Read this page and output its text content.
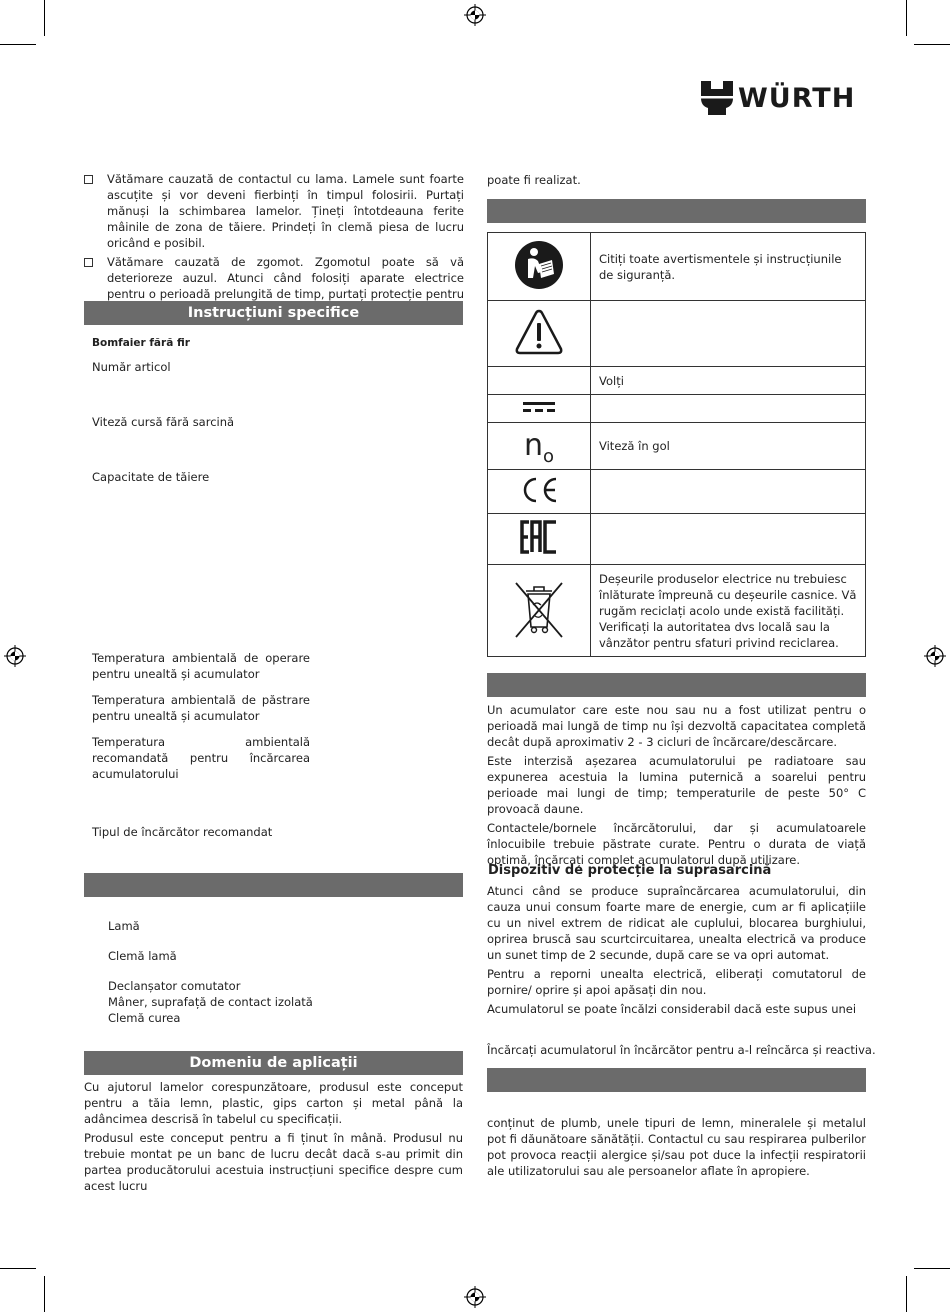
WÜRTH
Vătămare cauzată de contactul cu lama. Lamele sunt foarte ascuțite și vor deveni fierbinți în timpul folosirii. Purtați mănuși la schimbarea lamelor. Țineți întotdeauna ferite mâinile de zona de tăiere. Prindeți în clemă piesa de lucru oricând e posibil.
Vătămare cauzată de zgomot. Zgomotul poate să vă deterioreze auzul. Atunci când folosiți aparate electrice pentru o perioadă prelungită de timp, purtați protecție pentru
Instrucțiuni specifice
Bomfaier fără fir
Număr articol
Viteză cursă fără sarcină
Capacitate de tăiere
Temperatura ambientală de operare pentru unealtă și acumulator
Temperatura ambientală de păstrare pentru unealtă și acumulator
Temperatura ambientală recomandată pentru încărcarea acumulatorului
Tipul de încărcător recomandat
Lamă
Clemă lamă
Declanșator comutator
Mâner, suprafață de contact izolată
Clemă curea
Domeniu de aplicații

Cu ajutorul lamelor corespunzătoare, produsul este conceput pentru a tăia lemn, plastic, gips carton și metal până la adâncimea descrisă în tabelul cu specificații.

Produsul este conceput pentru a fi ținut în mână. Produsul nu trebuie montat pe un banc de lucru decât dacă s-au primit din partea producătorului acestuia instrucțiuni specifice despre cum acest lucru

poate fi realizat.
	Citiți toate avertismentele și instrucțiunile de siguranță.

	Volți

no	Viteză în gol

	Deșeurile produselor electrice nu trebuiesc înlăturate împreună cu deșeurile casnice. Vă rugăm reciclați acolo unde există facilități. Verificați la autoritatea dvs locală sau la vânzător pentru sfaturi privind reciclarea.

Un acumulator care este nou sau nu a fost utilizat pentru o perioadă mai lungă de timp nu își dezvoltă capacitatea completă decât după aproximativ 2 - 3 cicluri de încărcare/descărcare.

Este interzisă așezarea acumulatorului pe radiatoare sau expunerea acestuia la lumina puternică a soarelui pentru perioade mai lungi de timp; temperaturile de peste 50° C provoacă daune.

Contactele/bornele încărcătorului, dar și acumulatoarele înlocuibile trebuie păstrate curate. Pentru o durata de viață optimă, încărcați complet acumulatorul după utilizare.

Dispozitiv de protecție la suprasarcină

Atunci când se produce supraîncărcarea acumulatorului, din cauza unui consum foarte mare de energie, cum ar fi aplicațiile cu un nivel extrem de ridicat ale cuplului, blocarea burghiului, oprirea bruscă sau scurtcircuitarea, unealta electrică va produce un sunet timp de 2 secunde, după care se va opri automat.

Pentru a reporni unealta electrică, eliberați comutatorul de pornire/ oprire și apoi apăsați din nou.

Acumulatorul se poate încălzi considerabil dacă este supus unei

Încărcați acumulatorul în încărcător pentru a-l reîncărca și reactiva.
conținut de plumb, unele tipuri de lemn, mineralele și metalul pot fi dăunătoare sănătății. Contactul cu sau respirarea pulberilor pot provoca reacții alergice și/sau pot duce la infecții respiratorii ale utilizatorului sau ale persoanelor aflate în apropiere.
